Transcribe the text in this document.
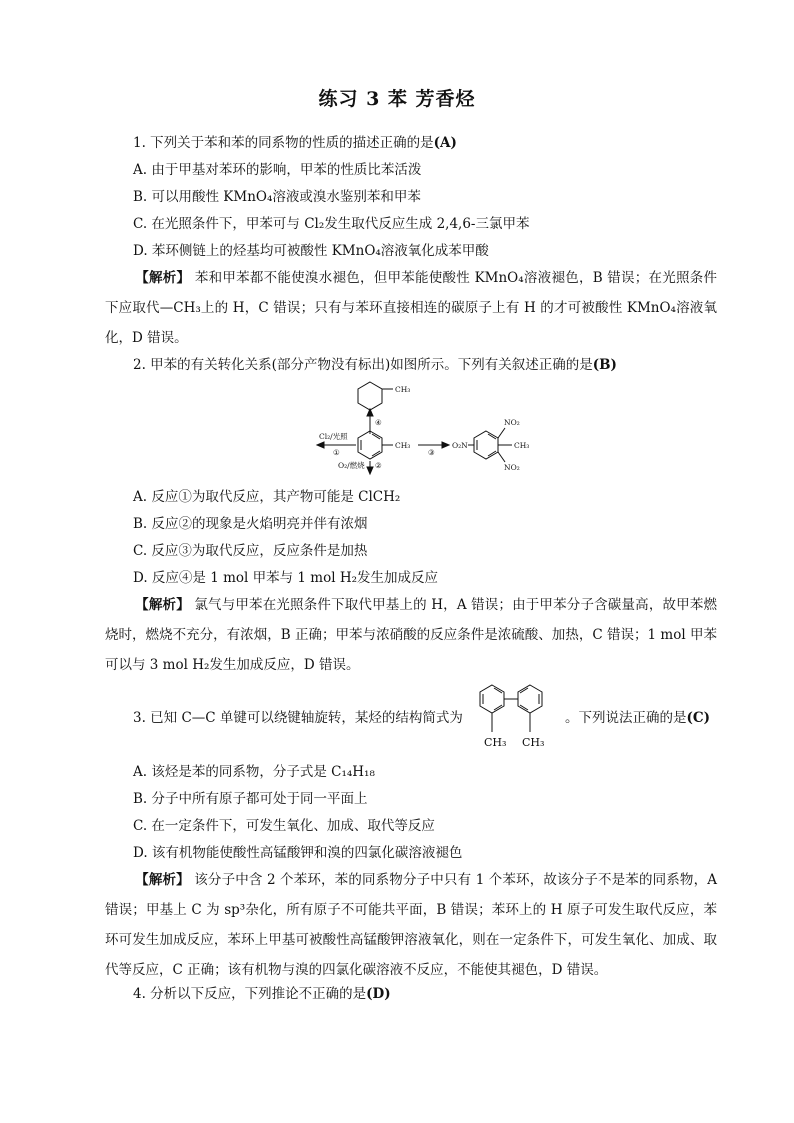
练习 3 苯 芳香烃
1. 下列关于苯和苯的同系物的性质的描述正确的是(A)
A. 由于甲基对苯环的影响，甲苯的性质比苯活泼
B. 可以用酸性 KMnO₄溶液或溴水鉴别苯和甲苯
C. 在光照条件下，甲苯可与 Cl₂发生取代反应生成 2,4,6-三氯甲苯
D. 苯环侧链上的烃基均可被酸性 KMnO₄溶液氧化成苯甲酸
【解析】 苯和甲苯都不能使溴水褪色，但甲苯能使酸性 KMnO₄溶液褪色，B 错误；在光照条件下应取代—CH₃上的 H，C 错误；只有与苯环直接相连的碳原子上有 H 的才可被酸性 KMnO₄溶液氧化，D 错误。
2. 甲苯的有关转化关系(部分产物没有标出)如图所示。下列有关叙述正确的是(B)
CH₃
④
CH₃
Cl₂/光照
①
O₂/燃烧 ②
③
O₂N
NO₂
CH₃
NO₂
A. 反应①为取代反应，其产物可能是 ClCH₂
B. 反应②的现象是火焰明亮并伴有浓烟
C. 反应③为取代反应，反应条件是加热
D. 反应④是 1 mol 甲苯与 1 mol H₂发生加成反应
【解析】 氯气与甲苯在光照条件下取代甲基上的 H，A 错误；由于甲苯分子含碳量高，故甲苯燃烧时，燃烧不充分，有浓烟，B 正确；甲苯与浓硝酸的反应条件是浓硫酸、加热，C 错误；1 mol 甲苯可以与 3 mol H₂发生加成反应，D 错误。
3. 已知 C—C 单键可以绕键轴旋转，某烃的结构简式为
CH₃ CH₃
。下列说法正确的是(C)
A. 该烃是苯的同系物，分子式是 C₁₄H₁₈
B. 分子中所有原子都可处于同一平面上
C. 在一定条件下，可发生氧化、加成、取代等反应
D. 该有机物能使酸性高锰酸钾和溴的四氯化碳溶液褪色
【解析】 该分子中含 2 个苯环，苯的同系物分子中只有 1 个苯环，故该分子不是苯的同系物，A 错误；甲基上 C 为 sp³杂化，所有原子不可能共平面，B 错误；苯环上的 H 原子可发生取代反应，苯环可发生加成反应，苯环上甲基可被酸性高锰酸钾溶液氧化，则在一定条件下，可发生氧化、加成、取代等反应，C 正确；该有机物与溴的四氯化碳溶液不反应，不能使其褪色，D 错误。
4. 分析以下反应，下列推论不正确的是(D)
